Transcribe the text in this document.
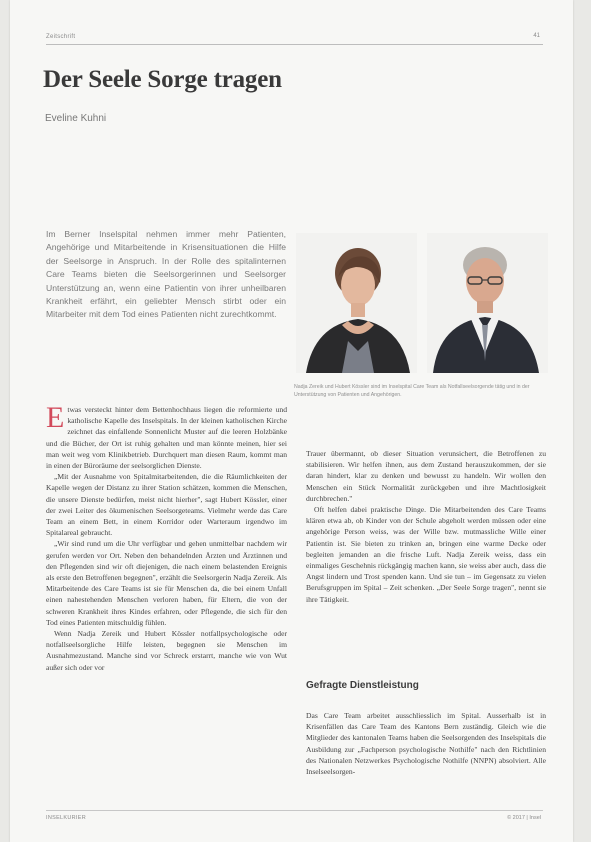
Zeitschrift	41
Der Seele Sorge tragen
Eveline Kuhni

Im Berner Inselspital nehmen immer mehr Patienten, Angehörige und Mitarbeitende in Krisensituationen die Hilfe der Seelsorge in Anspruch. In der Rolle des spitalinternen Care Teams bieten die Seelsorgerinnen und Seelsorger Unterstützung an, wenn eine Patientin von ihrer unheilbaren Krankheit erfährt, ein geliebter Mensch stirbt oder ein Mitarbeiter mit dem Tod eines Patienten nicht zurechtkommt.

Nadja Zereik und Hubert Kössler sind im Inselspital Care Team als Notfallseelsorgende tätig und in der Unterstützung von Patienten und Angehörigen.

Etwas versteckt hinter dem Bettenhochhaus liegen die reformierte und katholische Kapelle des Inselspitals. In der kleinen katholischen Kirche zeichnet das einfallende Sonnenlicht Muster auf die leeren Holzbänke und die Bücher, der Ort ist ruhig gehalten und man könnte meinen, hier sei man weit weg vom Klinikbetrieb. Durchquert man diesen Raum, kommt man in einen der Büroräume der seelsorglichen Dienste.

„Mit der Ausnahme von Spitalmitarbeitenden, die die Räumlichkeiten der Kapelle wegen der Distanz zu ihrer Station schätzen, kommen die Menschen, die unsere Dienste bedürfen, meist nicht hierher", sagt Hubert Kössler, einer der zwei Leiter des ökumenischen Seelsorgeteams. Vielmehr werde das Care Team an einem Bett, in einem Korridor oder Warteraum irgendwo im Spitalareal gebraucht.

„Wir sind rund um die Uhr verfügbar und gehen unmittelbar nachdem wir gerufen werden vor Ort. Neben den behandelnden Ärzten und Ärztinnen und den Pflegenden sind wir oft diejenigen, die nach einem belastenden Ereignis als erste den Betroffenen begegnen", erzählt die Seelsorgerin Nadja Zereik. Als Mitarbeitende des Care Teams ist sie für Menschen da, die bei einem Unfall einen nahestehenden Menschen verloren haben, für Eltern, die von der schweren Krankheit ihres Kindes erfahren, oder Pflegende, die sich für den Tod eines Patienten mitschuldig fühlen.

Wenn Nadja Zereik und Hubert Kössler notfallpsychologische oder notfallseelsorgliche Hilfe leisten, begegnen sie Menschen im Ausnahmezustand. Manche sind vor Schreck erstarrt, manche wie von Wut außer sich oder vor

Trauer übermannt, ob dieser Situation verunsichert, die Betroffenen zu stabilisieren. Wir helfen ihnen, aus dem Zustand herauszukommen, der sie daran hindert, klar zu denken und bewusst zu handeln. Wir wollen den Menschen ein Stück Normalität zurückgeben und ihre Machtlosigkeit durchbrechen."

Oft helfen dabei praktische Dinge. Die Mitarbeitenden des Care Teams klären etwa ab, ob Kinder von der Schule abgeholt werden müssen oder eine angehörige Person weiss, was der Wille bzw. mutmassliche Wille einer Patientin ist. Sie bieten zu trinken an, bringen eine warme Decke oder begleiten jemanden an die frische Luft. Nadja Zereik weiss, dass ein einmaliges Geschehnis rückgängig machen kann, sie weiss aber auch, dass die Angst lindern und Trost spenden kann. Und sie tun – im Gegensatz zu vielen Berufsgruppen im Spital – Zeit schenken. „Der Seele Sorge tragen", nennt sie ihre Tätigkeit.

Gefragte Dienstleistung

Das Care Team arbeitet ausschliesslich im Spital. Ausserhalb ist in Krisenfällen das Care Team des Kantons Bern zuständig. Gleich wie die Mitglieder des kantonalen Teams haben die Seelsorgenden des Inselspitals die Ausbildung zur „Fachperson psychologische Nothilfe" nach den Richtlinien des Nationalen Netzwerkes Psychologische Nothilfe (NNPN) absolviert. Alle Inselseelsorgen-

INSELKURIER	© 2017 | Insel
